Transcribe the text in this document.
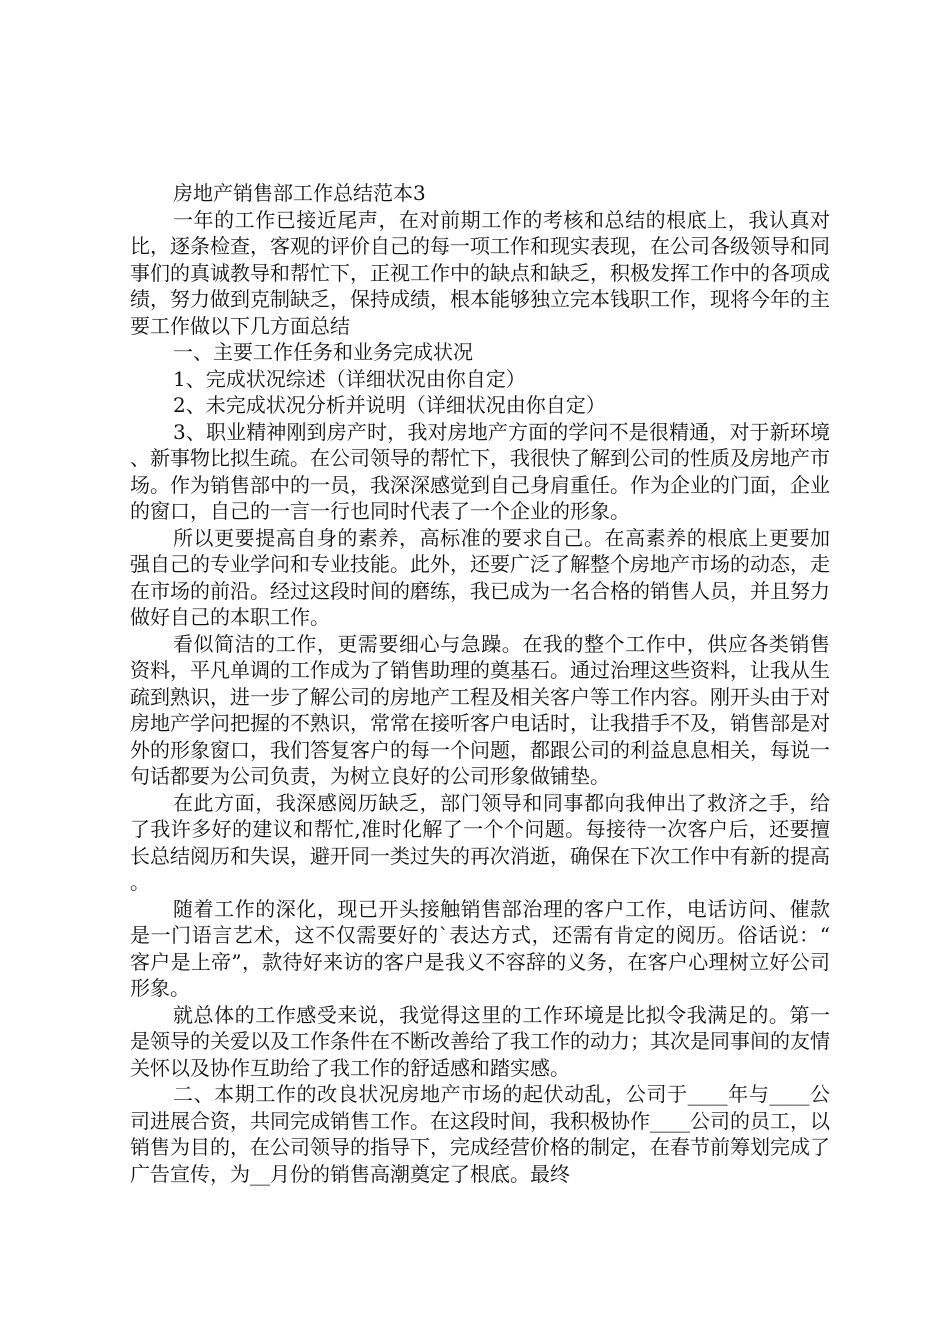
房地产销售部工作总结范本3

一年的工作已接近尾声，在对前期工作的考核和总结的根底上，我认真对比，逐条检查，客观的评价自己的每一项工作和现实表现，在公司各级领导和同事们的真诚教导和帮忙下，正视工作中的缺点和缺乏，积极发挥工作中的各项成绩，努力做到克制缺乏，保持成绩，根本能够独立完本钱职工作，现将今年的主要工作做以下几方面总结

一、主要工作任务和业务完成状况

1、完成状况综述（详细状况由你自定）

2、未完成状况分析并说明（详细状况由你自定）

3、职业精神刚到房产时，我对房地产方面的学问不是很精通，对于新环境、新事物比拟生疏。在公司领导的帮忙下，我很快了解到公司的性质及房地产市场。作为销售部中的一员，我深深感觉到自己身肩重任。作为企业的门面，企业的窗口，自己的一言一行也同时代表了一个企业的形象。

所以更要提高自身的素养，高标准的要求自己。在高素养的根底上更要加强自己的专业学问和专业技能。此外，还要广泛了解整个房地产市场的动态，走在市场的前沿。经过这段时间的磨练，我已成为一名合格的销售人员，并且努力做好自己的本职工作。

看似简洁的工作，更需要细心与急躁。在我的整个工作中，供应各类销售资料，平凡单调的工作成为了销售助理的奠基石。通过治理这些资料，让我从生疏到熟识，进一步了解公司的房地产工程及相关客户等工作内容。刚开头由于对房地产学问把握的不熟识，常常在接听客户电话时，让我措手不及，销售部是对外的形象窗口，我们答复客户的每一个问题，都跟公司的利益息息相关，每说一句话都要为公司负责，为树立良好的公司形象做铺垫。

在此方面，我深感阅历缺乏，部门领导和同事都向我伸出了救济之手，给了我许多好的建议和帮忙,准时化解了一个个问题。每接待一次客户后，还要擅长总结阅历和失误，避开同一类过失的再次消逝，确保在下次工作中有新的提高。

随着工作的深化，现已开头接触销售部治理的客户工作，电话访问、催款是一门语言艺术，这不仅需要好的`表达方式，还需有肯定的阅历。俗话说：“客户是上帝”，款待好来访的客户是我义不容辞的义务，在客户心理树立好公司形象。

就总体的工作感受来说，我觉得这里的工作环境是比拟令我满足的。第一是领导的关爱以及工作条件在不断改善给了我工作的动力；其次是同事间的友情关怀以及协作互助给了我工作的舒适感和踏实感。

二、本期工作的改良状况房地产市场的起伏动乱，公司于____年与____公司进展合资，共同完成销售工作。在这段时间，我积极协作____公司的员工，以销售为目的，在公司领导的指导下，完成经营价格的制定，在春节前筹划完成了广告宣传，为__月份的销售高潮奠定了根底。最终
